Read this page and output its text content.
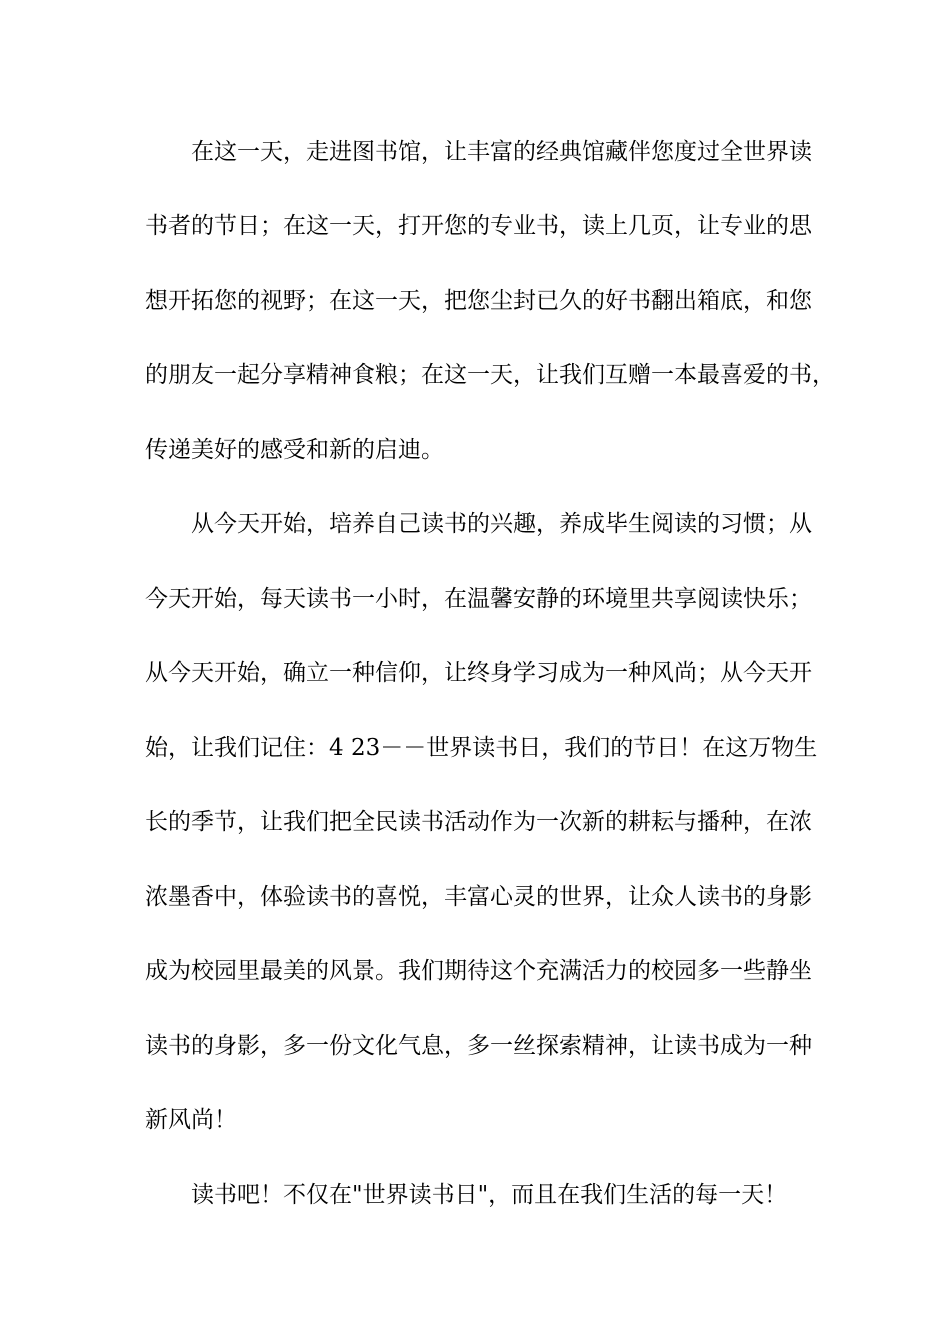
　　在这一天，走进图书馆，让丰富的经典馆藏伴您度过全世界读

书者的节日；在这一天，打开您的专业书，读上几页，让专业的思

想开拓您的视野；在这一天，把您尘封已久的好书翻出箱底，和您

的朋友一起分享精神食粮；在这一天，让我们互赠一本最喜爱的书，

传递美好的感受和新的启迪。

　　从今天开始，培养自己读书的兴趣，养成毕生阅读的习惯；从

今天开始，每天读书一小时，在温馨安静的环境里共享阅读快乐；

从今天开始，确立一种信仰，让终身学习成为一种风尚；从今天开

始，让我们记住：4 23－－世界读书日，我们的节日！在这万物生

长的季节，让我们把全民读书活动作为一次新的耕耘与播种，在浓

浓墨香中，体验读书的喜悦，丰富心灵的世界，让众人读书的身影

成为校园里最美的风景。我们期待这个充满活力的校园多一些静坐

读书的身影，多一份文化气息，多一丝探索精神，让读书成为一种

新风尚！

　　读书吧！不仅在"世界读书日"，而且在我们生活的每一天！
